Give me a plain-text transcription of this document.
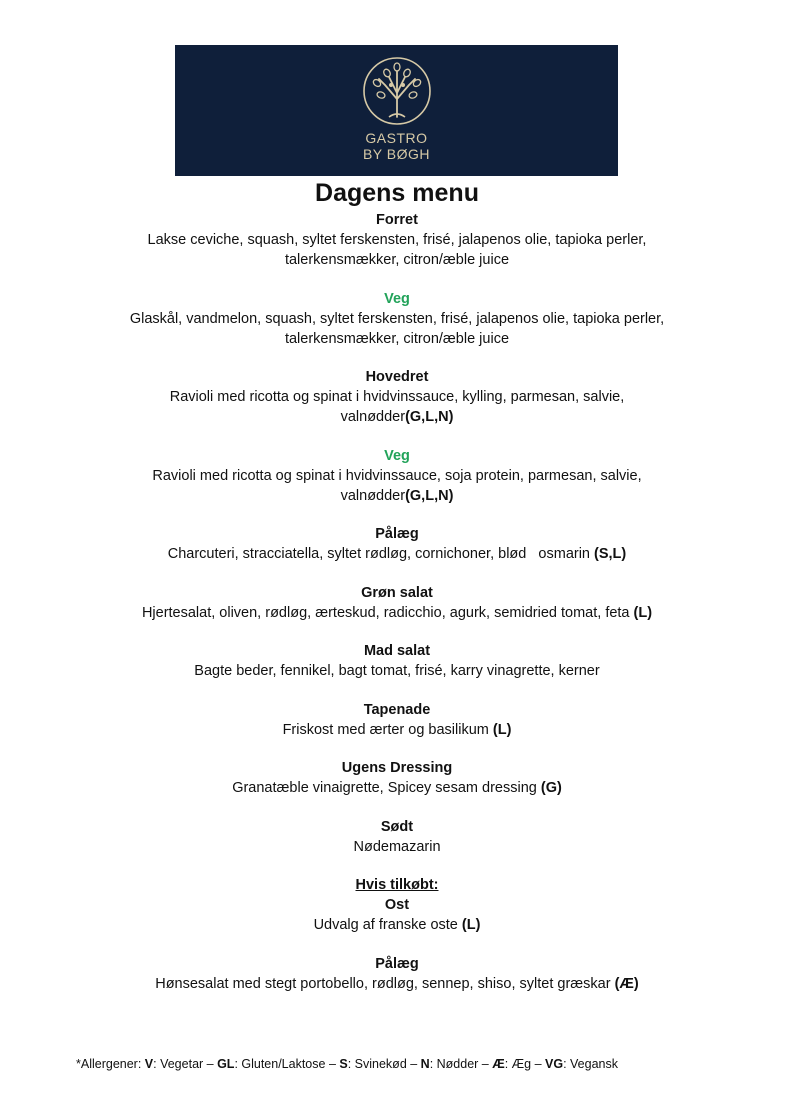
GASTRO
BY BØGH
Dagens menu
Forret
Lakse ceviche, squash, syltet ferskensten, frisé, jalapenos olie, tapioka perler,
talerkensmækker, citron/æble juice
Veg
Glaskål, vandmelon, squash, syltet ferskensten, frisé, jalapenos olie, tapioka perler,
talerkensmækker, citron/æble juice
Hovedret
Ravioli med ricotta og spinat i hvidvinssauce, kylling, parmesan, salvie,
valnødder(G,L,N)
Veg
Ravioli med ricotta og spinat i hvidvinssauce, soja protein, parmesan, salvie,
valnødder(G,L,N)
Pålæg
Charcuteri, stracciatella, syltet rødløg, cornichoner, blød   osmarin (S,L)
Grøn salat
Hjertesalat, oliven, rødløg, ærteskud, radicchio, agurk, semidried tomat, feta (L)
Mad salat
Bagte beder, fennikel, bagt tomat, frisé, karry vinagrette, kerner
Tapenade
Friskost med ærter og basilikum (L)
Ugens Dressing
Granatæble vinaigrette, Spicey sesam dressing (G)
Sødt
Nødemazarin
Hvis tilkøbt:
Ost
Udvalg af franske oste (L)
Pålæg
Hønsesalat med stegt portobello, rødløg, sennep, shiso, syltet græskar (Æ)
*Allergener: V: Vegetar – GL: Gluten/Laktose – S: Svinekød – N: Nødder – Æ: Æg – VG: Vegansk
